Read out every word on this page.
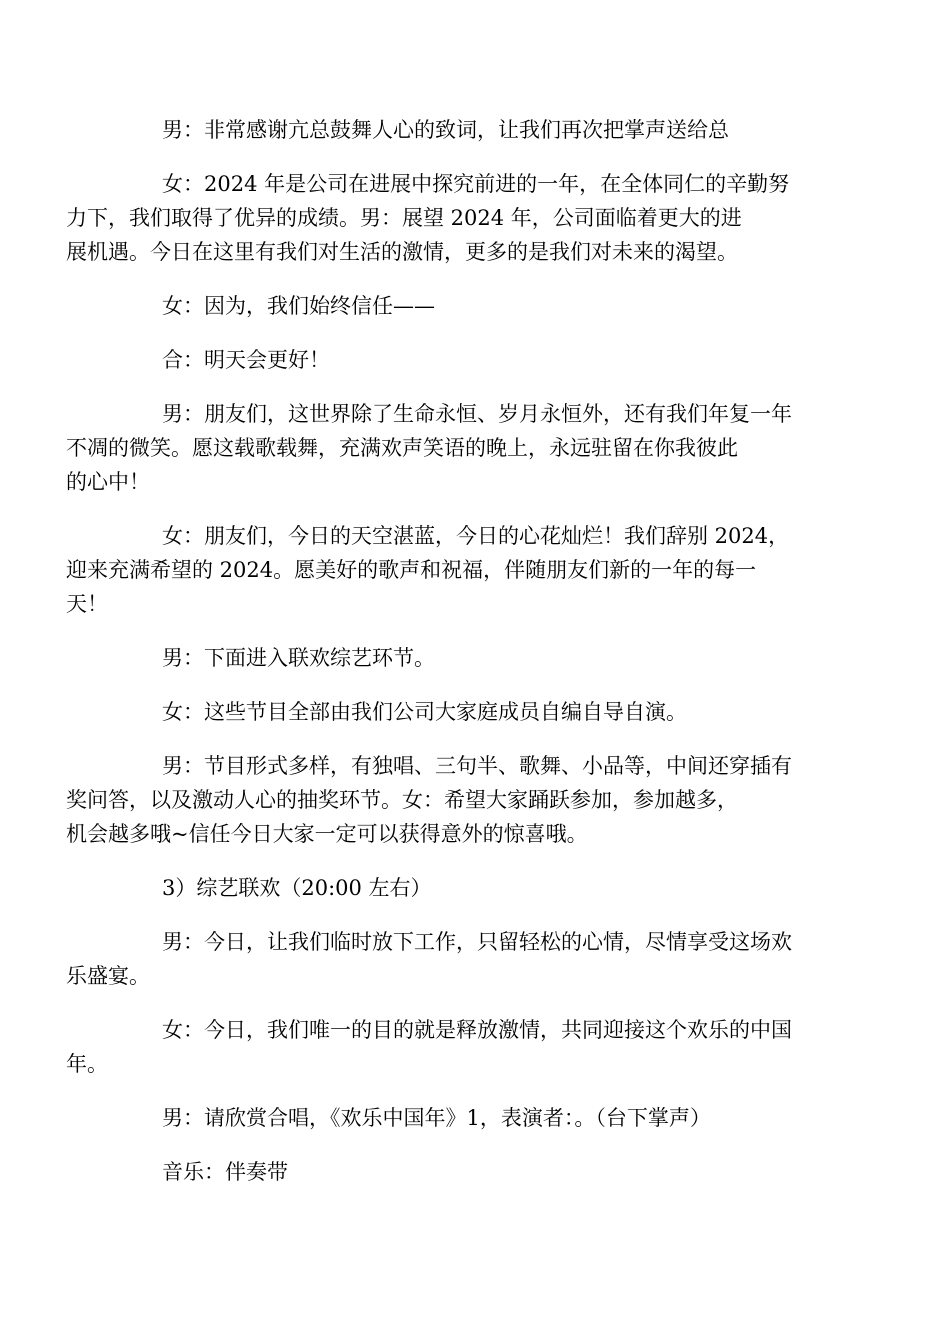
男：非常感谢亢总鼓舞人心的致词，让我们再次把掌声送给总

女：2024 年是公司在进展中探究前进的一年，在全体同仁的辛勤努
力下，我们取得了优异的成绩。男：展望 2024 年，公司面临着更大的进
展机遇。今日在这里有我们对生活的激情，更多的是我们对未来的渴望。

女：因为，我们始终信任——

合：明天会更好！

男：朋友们，这世界除了生命永恒、岁月永恒外，还有我们年复一年
不凋的微笑。愿这载歌载舞，充满欢声笑语的晚上，永远驻留在你我彼此
的心中！

女：朋友们，今日的天空湛蓝，今日的心花灿烂！我们辞别 2024，
迎来充满希望的 2024。愿美好的歌声和祝福，伴随朋友们新的一年的每一
天！

男：下面进入联欢综艺环节。

女：这些节目全部由我们公司大家庭成员自编自导自演。

男：节目形式多样，有独唱、三句半、歌舞、小品等，中间还穿插有
奖问答，以及激动人心的抽奖环节。女：希望大家踊跃参加，参加越多，
机会越多哦~信任今日大家一定可以获得意外的惊喜哦。

3）综艺联欢（20:00 左右）

男：今日，让我们临时放下工作，只留轻松的心情，尽情享受这场欢
乐盛宴。

女：今日，我们唯一的目的就是释放激情，共同迎接这个欢乐的中国
年。

男：请欣赏合唱，《欢乐中国年》1，表演者：。（台下掌声）

音乐：伴奏带
